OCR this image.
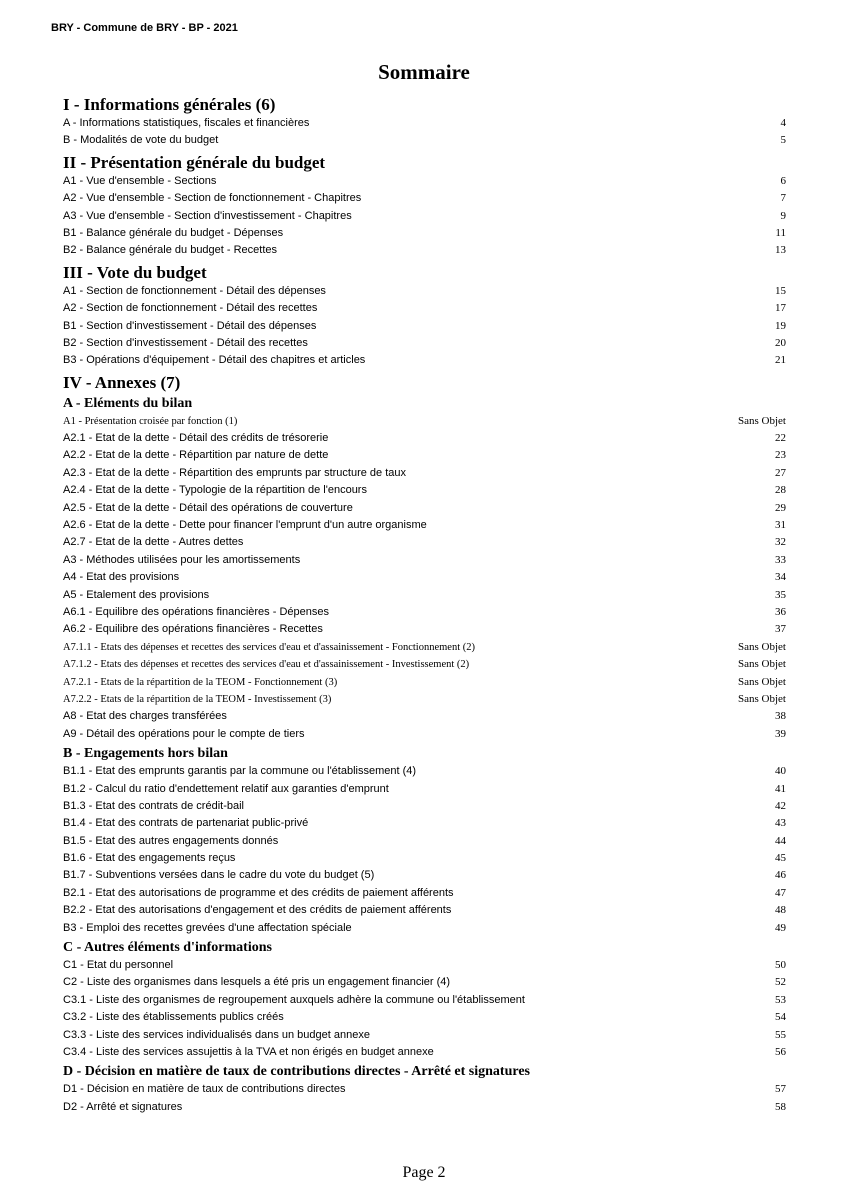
BRY - Commune de BRY - BP - 2021
Sommaire
I - Informations générales (6)
A - Informations statistiques, fiscales et financières	4
B - Modalités de vote du budget	5
II - Présentation générale du budget
A1 - Vue d'ensemble - Sections	6
A2 - Vue d'ensemble - Section de fonctionnement - Chapitres	7
A3 - Vue d'ensemble - Section d'investissement - Chapitres	9
B1 - Balance générale du budget - Dépenses	11
B2 - Balance générale du budget - Recettes	13
III - Vote du budget
A1 - Section de fonctionnement - Détail des dépenses	15
A2 - Section de fonctionnement - Détail des recettes	17
B1 - Section d'investissement - Détail des dépenses	19
B2 - Section d'investissement - Détail des recettes	20
B3 - Opérations d'équipement - Détail des chapitres et articles	21
IV - Annexes (7)
A - Eléments du bilan
A1 - Présentation croisée par fonction (1)	Sans Objet
A2.1 - Etat de la dette - Détail des crédits de trésorerie	22
A2.2 - Etat de la dette - Répartition par nature de dette	23
A2.3 - Etat de la dette - Répartition des emprunts par structure de taux	27
A2.4 - Etat de la dette - Typologie de la répartition de l'encours	28
A2.5 - Etat de la dette - Détail des opérations de couverture	29
A2.6 - Etat de la dette - Dette pour financer l'emprunt d'un autre organisme	31
A2.7 - Etat de la dette - Autres dettes	32
A3 - Méthodes utilisées pour les amortissements	33
A4 - Etat des provisions	34
A5 - Etalement des provisions	35
A6.1 - Equilibre des opérations financières - Dépenses	36
A6.2 - Equilibre des opérations financières - Recettes	37
A7.1.1 - Etats des dépenses et recettes des services d'eau et d'assainissement - Fonctionnement (2)	Sans Objet
A7.1.2 - Etats des dépenses et recettes des services d'eau et d'assainissement - Investissement (2)	Sans Objet
A7.2.1 - Etats de la répartition de la TEOM - Fonctionnement (3)	Sans Objet
A7.2.2 - Etats de la répartition de la TEOM - Investissement (3)	Sans Objet
A8 - Etat des charges transférées	38
A9 - Détail des opérations pour le compte de tiers	39
B - Engagements hors bilan
B1.1 - Etat des emprunts garantis par la commune ou l'établissement (4)	40
B1.2 - Calcul du ratio d'endettement relatif aux garanties d'emprunt	41
B1.3 - Etat des contrats de crédit-bail	42
B1.4 - Etat des contrats de partenariat public-privé	43
B1.5 - Etat des autres engagements donnés	44
B1.6 - Etat des engagements reçus	45
B1.7 - Subventions versées dans le cadre du vote du budget (5)	46
B2.1 - Etat des autorisations de programme et des crédits de paiement afférents	47
B2.2 - Etat des autorisations d'engagement et des crédits de paiement afférents	48
B3 - Emploi des recettes grevées d'une affectation spéciale	49
C - Autres éléments d'informations
C1 - Etat du personnel	50
C2 - Liste des organismes dans lesquels a été pris un engagement financier (4)	52
C3.1 - Liste des organismes de regroupement auxquels adhère la commune ou l'établissement	53
C3.2 - Liste des établissements publics créés	54
C3.3 - Liste des services individualisés dans un budget annexe	55
C3.4 - Liste des services assujettis à la TVA et non érigés en budget annexe	56
D - Décision en matière de taux de contributions directes - Arrêté et signatures
D1 - Décision en matière de taux de contributions directes	57
D2 - Arrêté et signatures	58
Page 2
